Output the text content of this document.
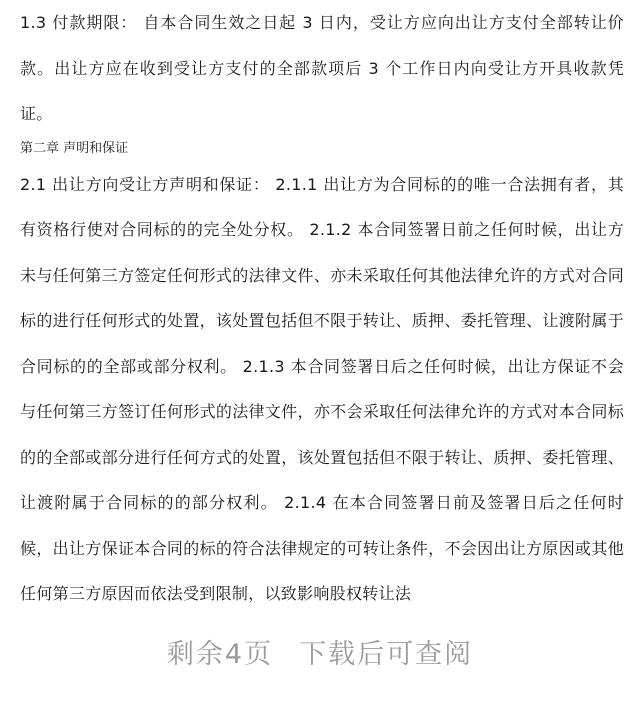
1.3 付款期限： 自本合同生效之日起 3 日内，受让方应向出让方支付全部转让价款。出让方应在收到受让方支付的全部款项后 3 个工作日内向受让方开具收款凭证。

第二章 声明和保证

2.1 出让方向受让方声明和保证： 2.1.1 出让方为合同标的的唯一合法拥有者，其有资格行使对合同标的的完全处分权。 2.1.2 本合同签署日前之任何时候，出让方未与任何第三方签定任何形式的法律文件、亦未采取任何其他法律允许的方式对合同标的进行任何形式的处置，该处置包括但不限于转让、质押、委托管理、让渡附属于合同标的的全部或部分权利。 2.1.3 本合同签署日后之任何时候，出让方保证不会与任何第三方签订任何形式的法律文件，亦不会采取任何法律允许的方式对本合同标的的全部或部分进行任何方式的处置，该处置包括但不限于转让、质押、委托管理、让渡附属于合同标的的部分权利。 2.1.4 在本合同签署日前及签署日后之任何时候，出让方保证本合同的标的符合法律规定的可转让条件，不会因出让方原因或其他任何第三方原因而依法受到限制，以致影响股权转让法

剩余4页 下载后可查阅
